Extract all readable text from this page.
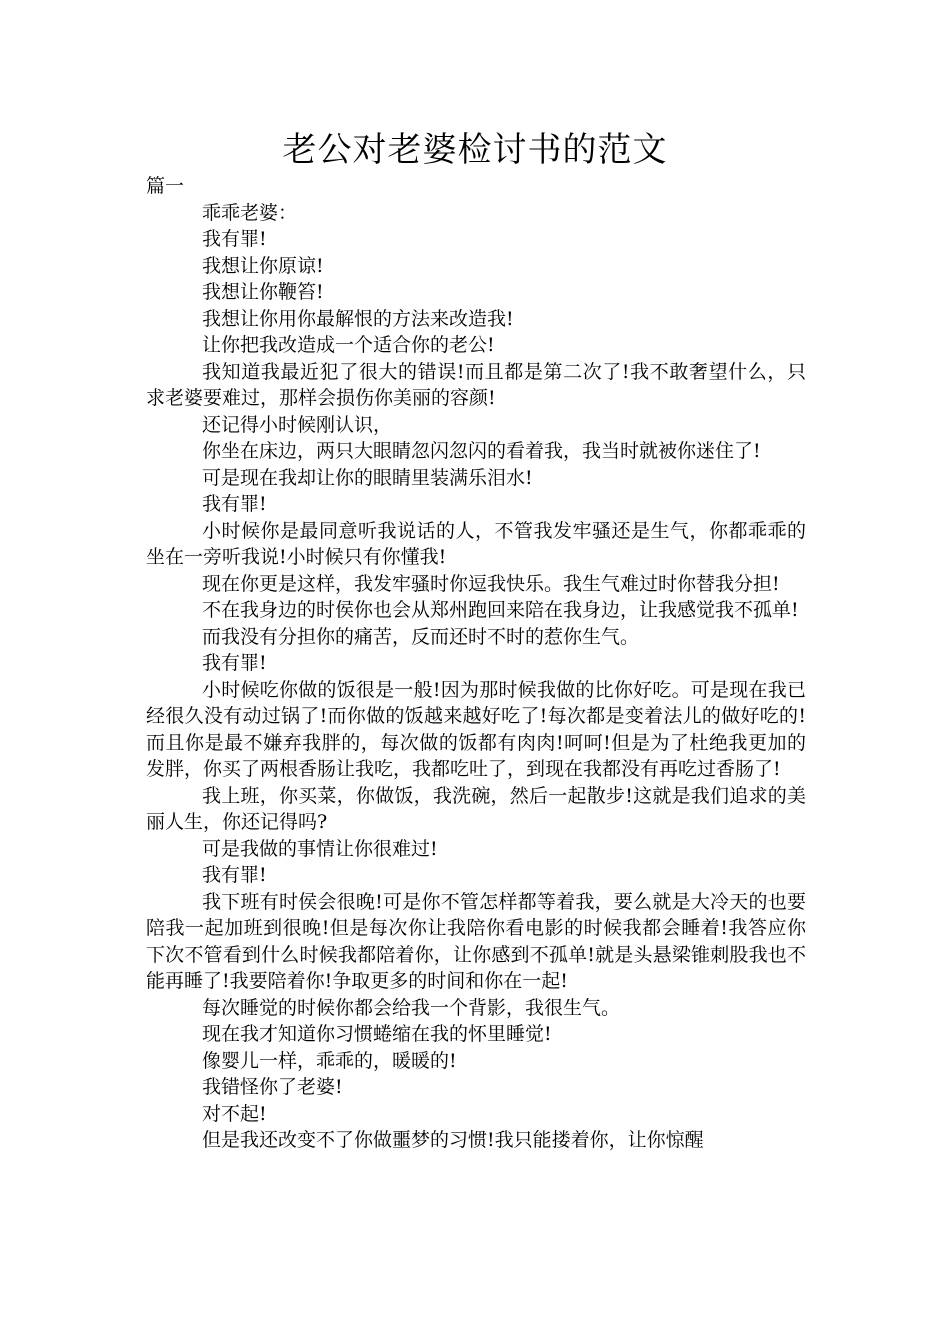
老公对老婆检讨书的范文
篇一

乖乖老婆：

我有罪!

我想让你原谅!

我想让你鞭笞!

我想让你用你最解恨的方法来改造我!

让你把我改造成一个适合你的老公!

我知道我最近犯了很大的错误!而且都是第二次了!我不敢奢望什么，只求老婆要难过，那样会损伤你美丽的容颜!

还记得小时候刚认识，

你坐在床边，两只大眼睛忽闪忽闪的看着我，我当时就被你迷住了!

可是现在我却让你的眼睛里装满乐泪水!

我有罪!

小时候你是最同意听我说话的人，不管我发牢骚还是生气，你都乖乖的坐在一旁听我说!小时候只有你懂我!

现在你更是这样，我发牢骚时你逗我快乐。我生气难过时你替我分担!

不在我身边的时侯你也会从郑州跑回来陪在我身边，让我感觉我不孤单!

而我没有分担你的痛苦，反而还时不时的惹你生气。

我有罪!

小时候吃你做的饭很是一般!因为那时候我做的比你好吃。可是现在我已经很久没有动过锅了!而你做的饭越来越好吃了!每次都是变着法儿的做好吃的!而且你是最不嫌弃我胖的，每次做的饭都有肉肉!呵呵!但是为了杜绝我更加的发胖，你买了两根香肠让我吃，我都吃吐了，到现在我都没有再吃过香肠了!

我上班，你买菜，你做饭，我洗碗，然后一起散步!这就是我们追求的美丽人生，你还记得吗?

可是我做的事情让你很难过!

我有罪!

我下班有时侯会很晚!可是你不管怎样都等着我，要么就是大冷天的也要陪我一起加班到很晚!但是每次你让我陪你看电影的时候我都会睡着!我答应你下次不管看到什么时候我都陪着你，让你感到不孤单!就是头悬梁锥刺股我也不能再睡了!我要陪着你!争取更多的时间和你在一起!

每次睡觉的时候你都会给我一个背影，我很生气。

现在我才知道你习惯蜷缩在我的怀里睡觉!

像婴儿一样，乖乖的，暖暖的!

我错怪你了老婆!

对不起!

但是我还改变不了你做噩梦的习惯!我只能搂着你，让你惊醒
